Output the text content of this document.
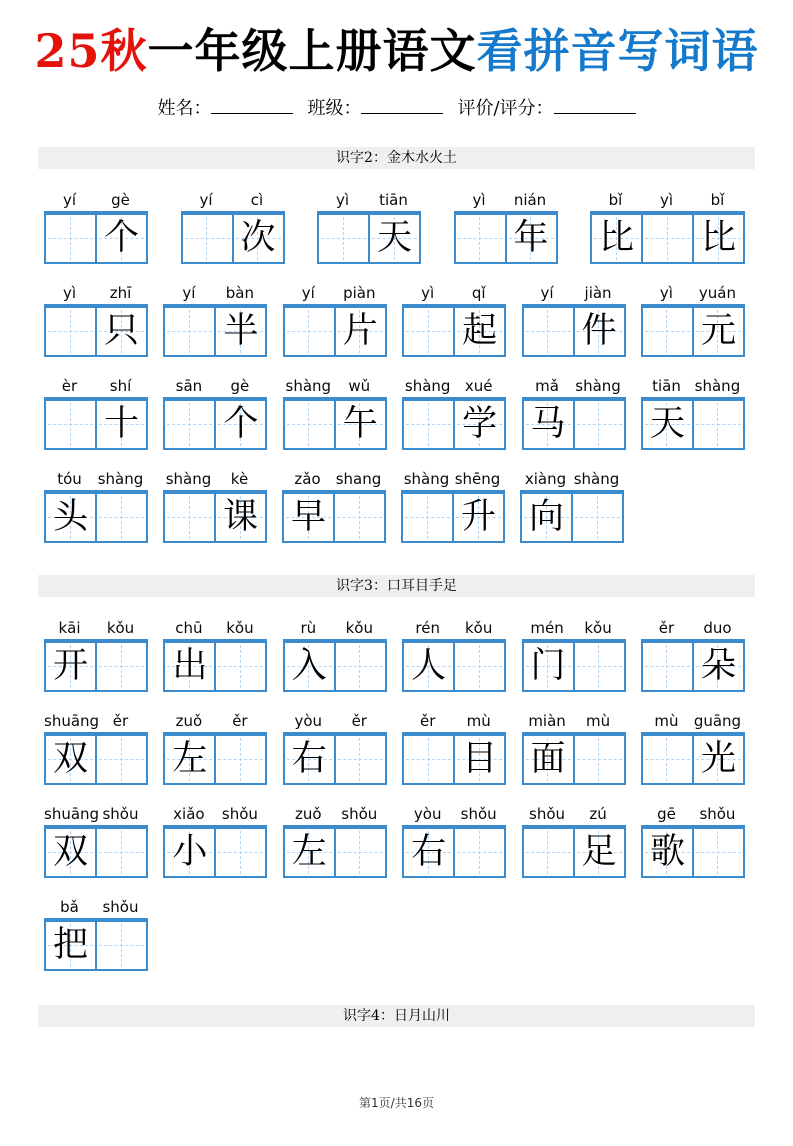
25秋一年级上册语文看拼音写词语
姓名：	班级：	评价/评分：
识字2：金木水火土
yí	gè
个
yí	cì
次
yì	tiān
天
yì	nián
年
bǐ	yì	bǐ
比 比
yì	zhī
只
yí	bàn
半
yí	piàn
片
yì	qǐ
起
yí	jiàn
件
yì	yuán
元
èr	shí
十
sān	gè
个
shàng	wǔ
午
shàng xué
学
mǎ	shàng
马
tiān shàng
天
tóu	shàng
头
shàng	kè
课
zǎo	shang
早
shàng shēng
升
xiàng shàng
向
识字3：口耳目手足
kāi	kǒu
开
chū	kǒu
出
rù	kǒu
入
rén	kǒu
人
mén	kǒu
门
ěr	duo
朵
shuāng ěr
双
zuǒ	ěr
左
yòu	ěr
右
ěr	mù
目
miàn	mù
面
mù	guāng
光
shuāng shǒu
双
xiǎo	shǒu
小
zuǒ	shǒu
左
yòu	shǒu
右
shǒu	zú
足
gē	shǒu
歌
bǎ	shǒu
把
识字4：日月山川
第1页/共16页
